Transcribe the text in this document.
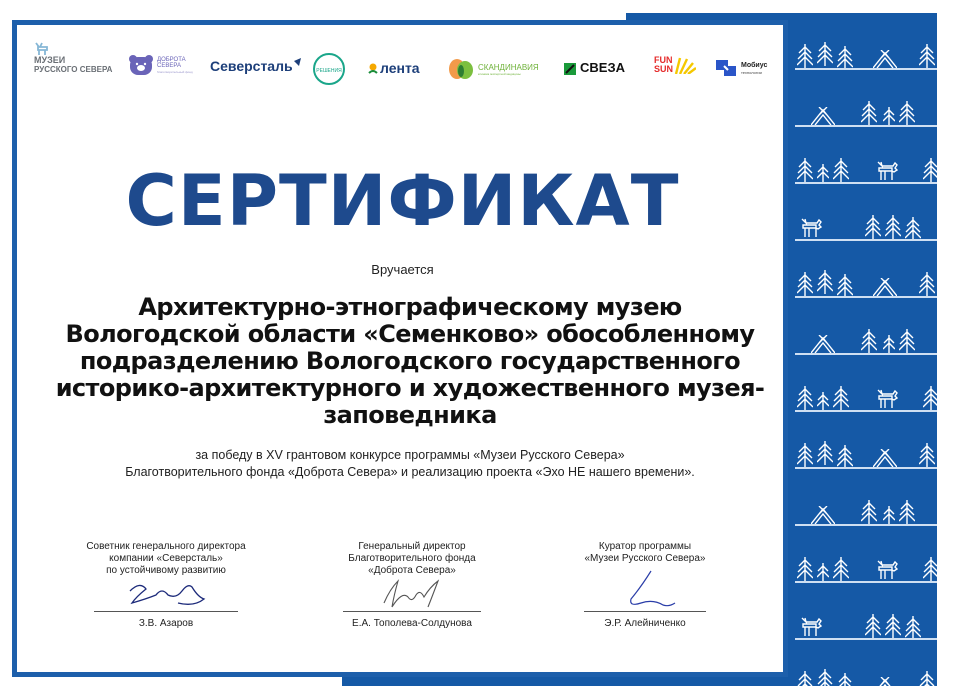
МУЗЕИ
РУССКОГО СЕВЕРА
ДОБРОТА
СЕВЕРА
благотворительный фонд Северсталь	РЕШЕНИЯ	лента	СКАНДИНАВИЯ
клиника экспертной медицины	СВЕЗА	FUN
SUN	Мобиус
технологии
СЕРТИФИКАТ
Вручается
Архитектурно-этнографическому музею
Вологодской области «Семенково» обособленному
подразделению Вологодского государственного
историко-архитектурного и художественного музея-
заповедника
за победу в XV грантовом конкурсе программы «Музеи Русского Севера»
Благотворительного фонда «Доброта Севера» и реализацию проекта «Эхо НЕ нашего времени».
Советник генерального директора
компании «Северсталь»
по устойчивому развитию
З.В. Азаров
Генеральный директор
Благотворительного фонда
«Доброта Севера»
Е.А. Тополева-Солдунова
Куратор программы
«Музеи Русского Севера»
Э.Р. Алейниченко
